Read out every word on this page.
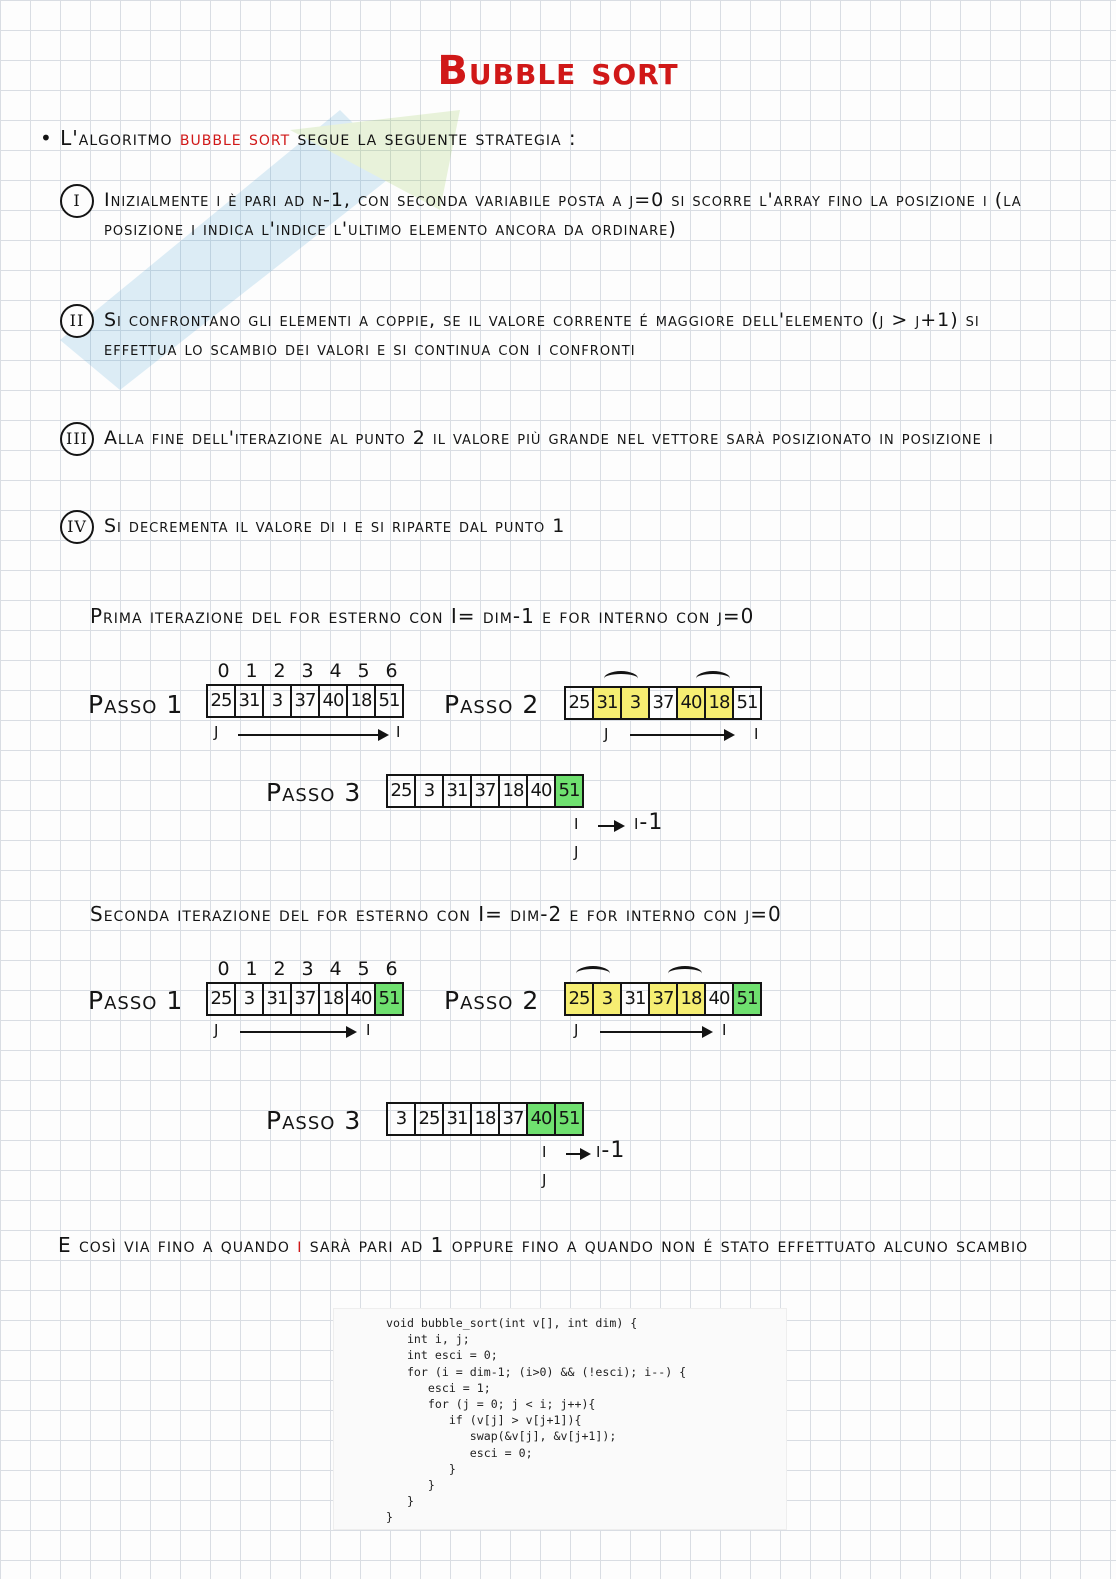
Bubble sort
• L'algoritmo bubble sort segue la seguente strategia :
I	Inizialmente i è pari ad n-1, con seconda variabile posta a j=0 si scorre l'array fino la posizione i (la posizione i indica l'indice l'ultimo elemento ancora da ordinare)
II	Si confrontano gli elementi a coppie, se il valore corrente é maggiore dell'elemento (j > j+1) si effettua lo scambio dei valori e si continua con i confronti
III Alla fine dell'iterazione al punto 2 il valore più grande nel vettore sarà posizionato in posizione i
IV Si decrementa il valore di i e si riparte dal punto 1
Prima iterazione del for esterno con I= dim-1 e for interno con j=0
0 1 2 3 4 5 6
Passo 1 25 31 3 37 40 18 51
j	i
Passo 2 25 31 3 37 40 18 51
j	i
Passo 3 25 3 31 37 18 40 51
i i-1
j
Seconda iterazione del for esterno con I= dim-2 e for interno con j=0
0 1 2 3 4 5 6
Passo 1 25 3 31 37 18 40 51
j	i
Passo 2 25 3 31 37 18 40 51
j	i
Passo 3	3 25 31 18 37 40 51
i i-1
j
E così via fino a quando i sarà pari ad 1 oppure fino a quando non é stato effettuato alcuno scambio
void bubble_sort(int v[], int dim) {
int i, j;
int esci = 0;
for (i = dim-1; (i>0) && (!esci); i--) {
esci = 1;
for (j = 0; j < i; j++){
if (v[j] > v[j+1]){
swap(&v[j], &v[j+1]);
esci = 0;
}
}
}
}
